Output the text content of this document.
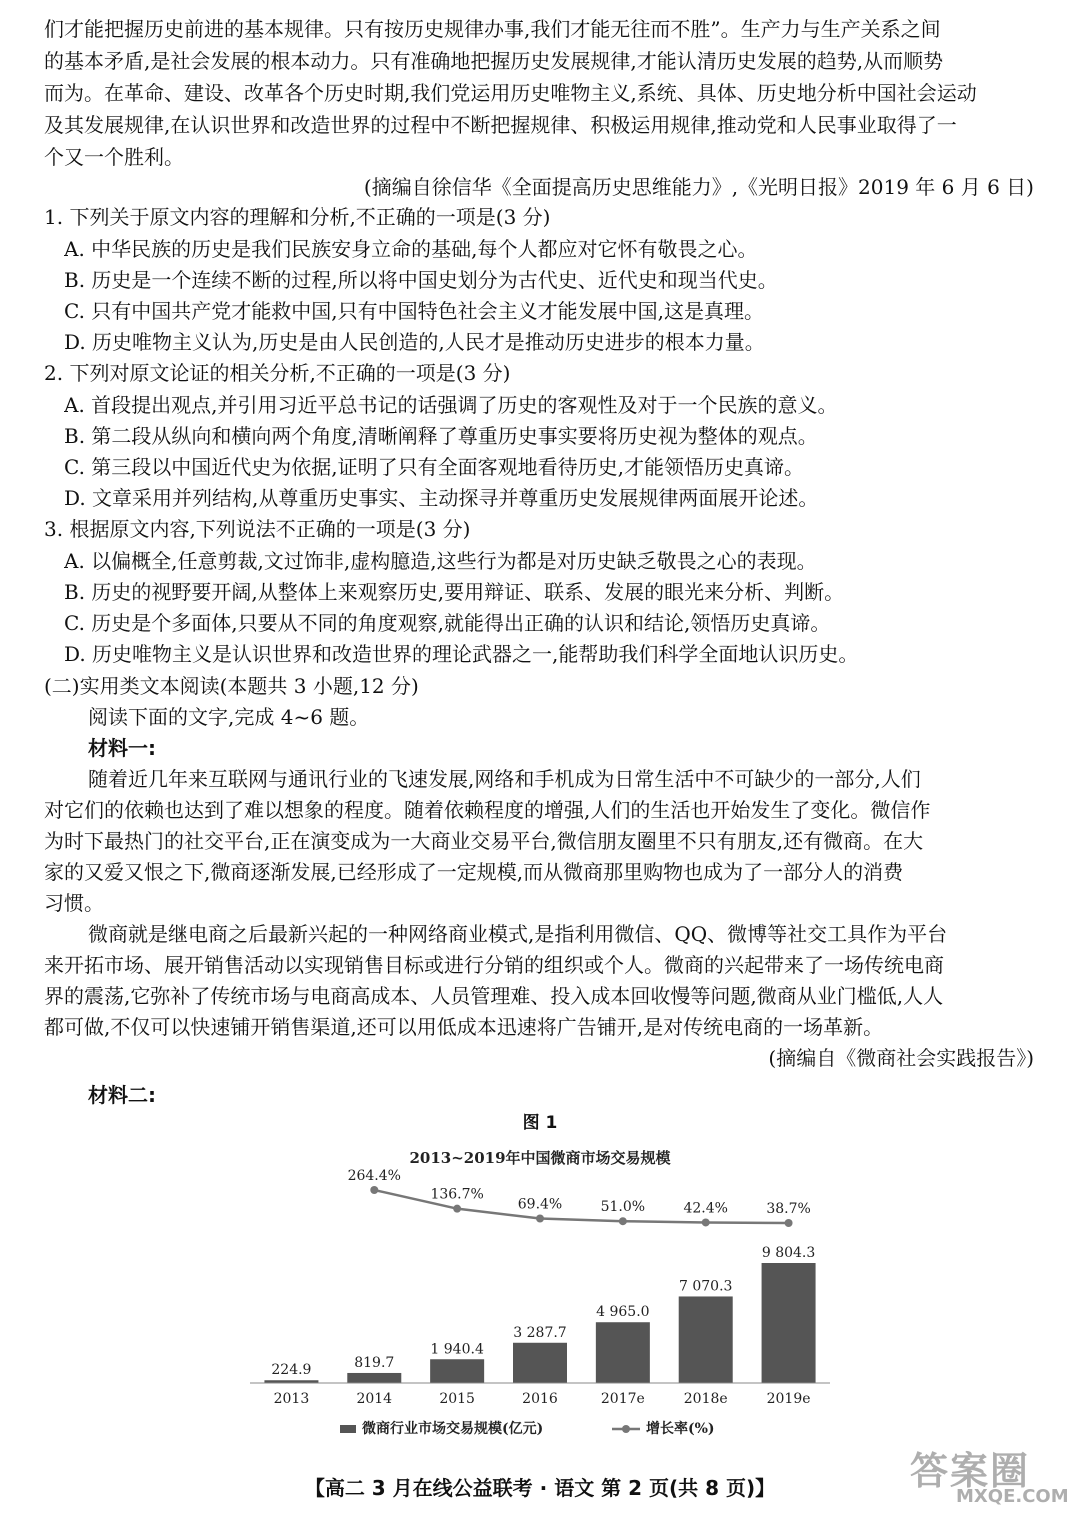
们才能把握历史前进的基本规律。只有按历史规律办事,我们才能无往而不胜”。生产力与生产关系之间
的基本矛盾,是社会发展的根本动力。只有准确地把握历史发展规律,才能认清历史发展的趋势,从而顺势
而为。在革命、建设、改革各个历史时期,我们党运用历史唯物主义,系统、具体、历史地分析中国社会运动
及其发展规律,在认识世界和改造世界的过程中不断把握规律、积极运用规律,推动党和人民事业取得了一
个又一个胜利。
(摘编自徐信华《全面提高历史思维能力》,《光明日报》2019 年 6 月 6 日)
1. 下列关于原文内容的理解和分析,不正确的一项是(3 分)
A. 中华民族的历史是我们民族安身立命的基础,每个人都应对它怀有敬畏之心。
B. 历史是一个连续不断的过程,所以将中国史划分为古代史、近代史和现当代史。
C. 只有中国共产党才能救中国,只有中国特色社会主义才能发展中国,这是真理。
D. 历史唯物主义认为,历史是由人民创造的,人民才是推动历史进步的根本力量。
2. 下列对原文论证的相关分析,不正确的一项是(3 分)
A. 首段提出观点,并引用习近平总书记的话强调了历史的客观性及对于一个民族的意义。
B. 第二段从纵向和横向两个角度,清晰阐释了尊重历史事实要将历史视为整体的观点。
C. 第三段以中国近代史为依据,证明了只有全面客观地看待历史,才能领悟历史真谛。
D. 文章采用并列结构,从尊重历史事实、主动探寻并尊重历史发展规律两面展开论述。
3. 根据原文内容,下列说法不正确的一项是(3 分)
A. 以偏概全,任意剪裁,文过饰非,虚构臆造,这些行为都是对历史缺乏敬畏之心的表现。
B. 历史的视野要开阔,从整体上来观察历史,要用辩证、联系、发展的眼光来分析、判断。
C. 历史是个多面体,只要从不同的角度观察,就能得出正确的认识和结论,领悟历史真谛。
D. 历史唯物主义是认识世界和改造世界的理论武器之一,能帮助我们科学全面地认识历史。
(二)实用类文本阅读(本题共 3 小题,12 分)
阅读下面的文字,完成 4~6 题。
材料一:
随着近几年来互联网与通讯行业的飞速发展,网络和手机成为日常生活中不可缺少的一部分,人们
对它们的依赖也达到了难以想象的程度。随着依赖程度的增强,人们的生活也开始发生了变化。微信作
为时下最热门的社交平台,正在演变成为一大商业交易平台,微信朋友圈里不只有朋友,还有微商。在大
家的又爱又恨之下,微商逐渐发展,已经形成了一定规模,而从微商那里购物也成为了一部分人的消费
习惯。
微商就是继电商之后最新兴起的一种网络商业模式,是指利用微信、QQ、微博等社交工具作为平台
来开拓市场、展开销售活动以实现销售目标或进行分销的组织或个人。微商的兴起带来了一场传统电商
界的震荡,它弥补了传统市场与电商高成本、人员管理难、投入成本回收慢等问题,微商从业门槛低,人人
都可做,不仅可以快速铺开销售渠道,还可以用低成本迅速将广告铺开,是对传统电商的一场革新。
(摘编自《微商社会实践报告》)
材料二:
图 1
2013~2019年中国微商市场交易规模
224.9
2013
819.7
2014
1 940.4
2015
3 287.7
2016
4 965.0
2017e
7 070.3
2018e
9 804.3
2019e
264.4%
136.7%
69.4%	51.0%	42.4%	38.7%
微商行业市场交易规模(亿元)	增长率(%)
【高二 3 月在线公益联考 · 语文 第 2 页(共 8 页)】	答案圈
MXQE.COM
